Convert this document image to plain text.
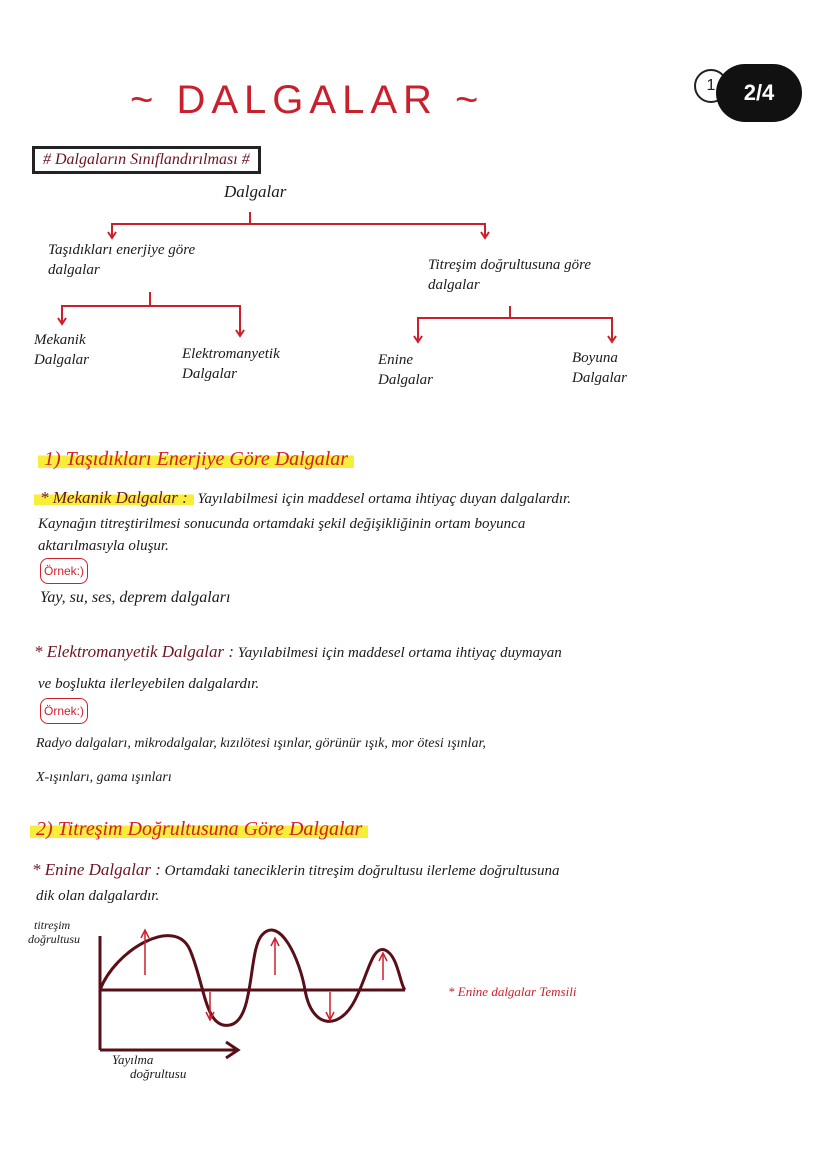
1 2/4
~ DALGALAR ~
# Dalgaların Sınıflandırılması #
Dalgalar
Taşıdıkları enerjiye göre dalgalar	Titreşim doğrultusuna göre dalgalar
Mekanik Dalgalar	Elektromanyetik Dalgalar
Enine Dalgalar
Boyuna Dalgalar
1) Taşıdıkları Enerjiye Göre Dalgalar
* Mekanik Dalgalar : Yayılabilmesi için maddesel ortama ihtiyaç duyan dalgalardır.
Kaynağın titreştirilmesi sonucunda ortamdaki şekil değişikliğinin ortam boyunca
aktarılmasıyla oluşur.
Örnek:)
Yay, su, ses, deprem dalgaları
* Elektromanyetik Dalgalar : Yayılabilmesi için maddesel ortama ihtiyaç duymayan
ve boşlukta ilerleyebilen dalgalardır.
Örnek:)
Radyo dalgaları, mikrodalgalar, kızılötesi ışınlar, görünür ışık, mor ötesi ışınlar,
X-ışınları, gama ışınları
2) Titreşim Doğrultusuna Göre Dalgalar
* Enine Dalgalar : Ortamdaki taneciklerin titreşim doğrultusu ilerleme doğrultusuna
dik olan dalgalardır.
titreşim
doğrultusu
Yayılma
doğrultusu
* Enine dalgalar Temsili
